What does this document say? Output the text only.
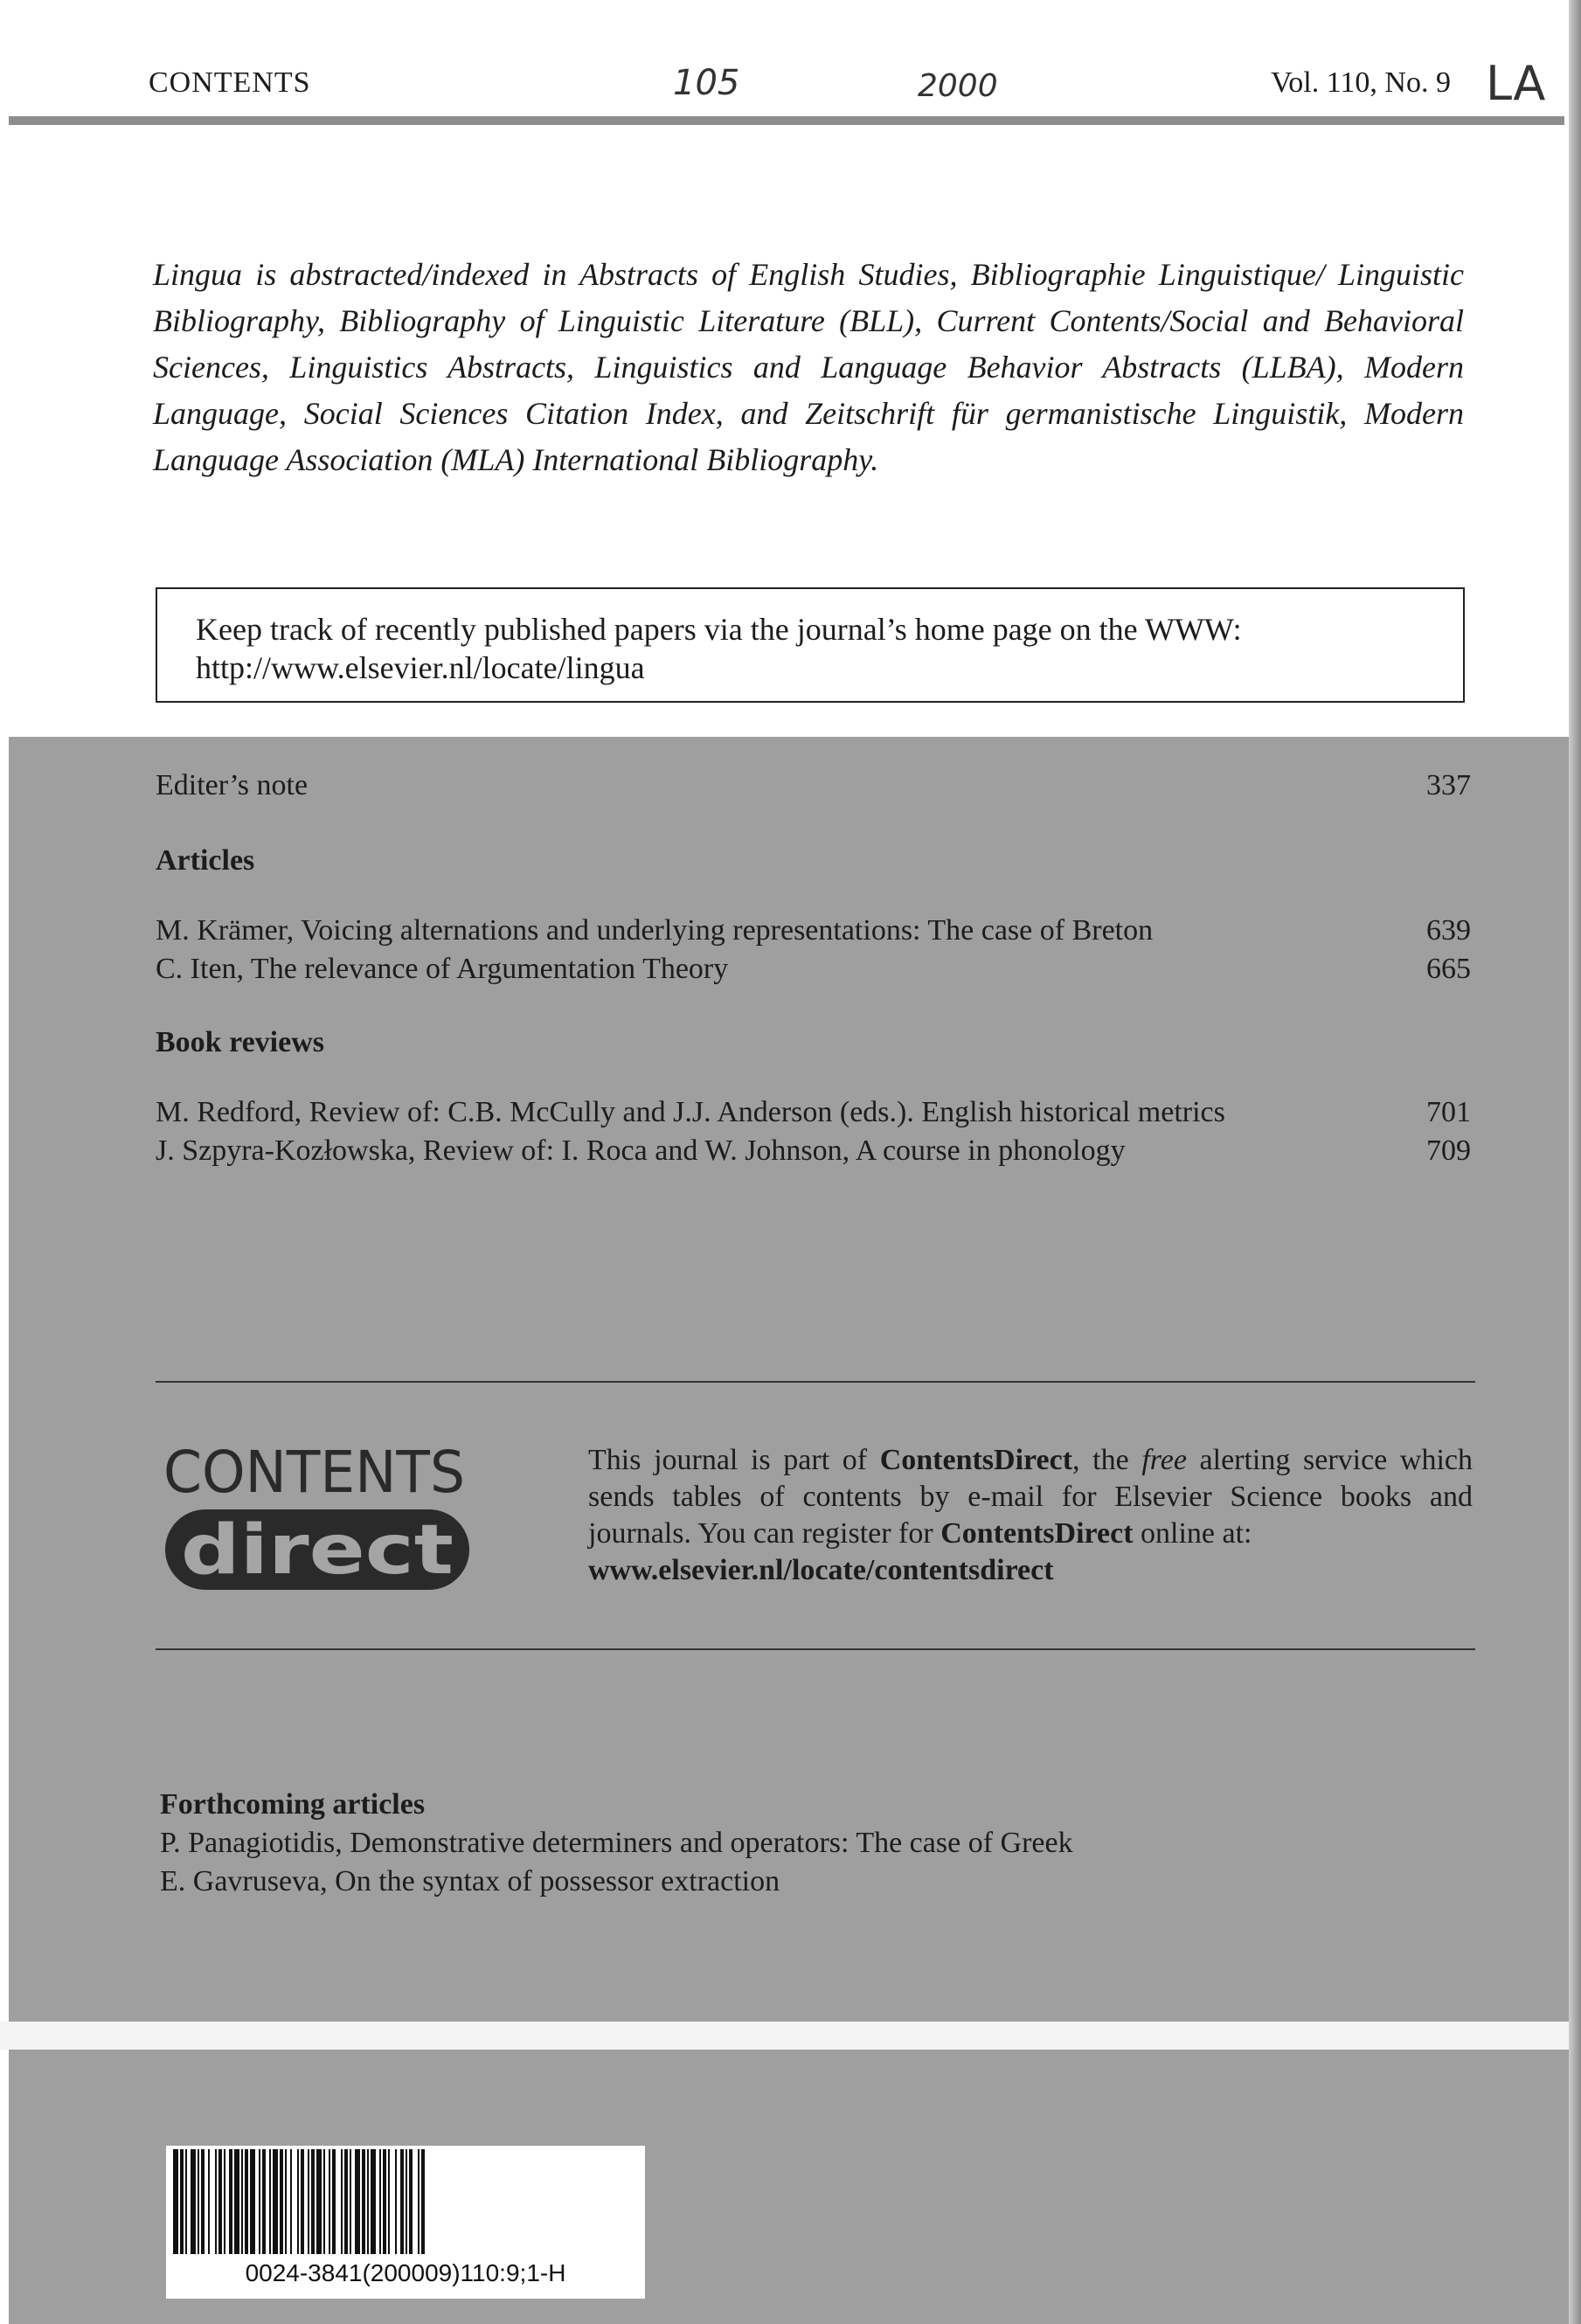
CONTENTS	105	2000	Vol. 110, No. 9 LA
Lingua is abstracted/indexed in Abstracts of English Studies, Bibliographie Linguistique/ Linguistic Bibliography, Bibliography of Linguistic Literature (BLL), Current Contents/Social and Behavioral Sciences, Linguistics Abstracts, Linguistics and Language Behavior Abstracts (LLBA), Modern Language, Social Sciences Citation Index, and Zeitschrift für germanistische Linguistik, Modern Language Association (MLA) International Bibliography.
Keep track of recently published papers via the journal’s home page on the WWW:
http://www.elsevier.nl/locate/lingua
Editer’s note	337
Articles
M. Krämer, Voicing alternations and underlying representations: The case of Breton	639
C. Iten, The relevance of Argumentation Theory	665
Book reviews
M. Redford, Review of: C.B. McCully and J.J. Anderson (eds.). English historical metrics	701
J. Szpyra-Kozłowska, Review of: I. Roca and W. Johnson, A course in phonology	709
CONTENTS
direct
This journal is part of ContentsDirect, the free alerting service which sends tables of contents by e-mail for Elsevier Science books and journals. You can register for ContentsDirect online at:
www.elsevier.nl/locate/contentsdirect
Forthcoming articles
P. Panagiotidis, Demonstrative determiners and operators: The case of Greek
E. Gavruseva, On the syntax of possessor extraction
0024-3841(200009)110:9;1-H
